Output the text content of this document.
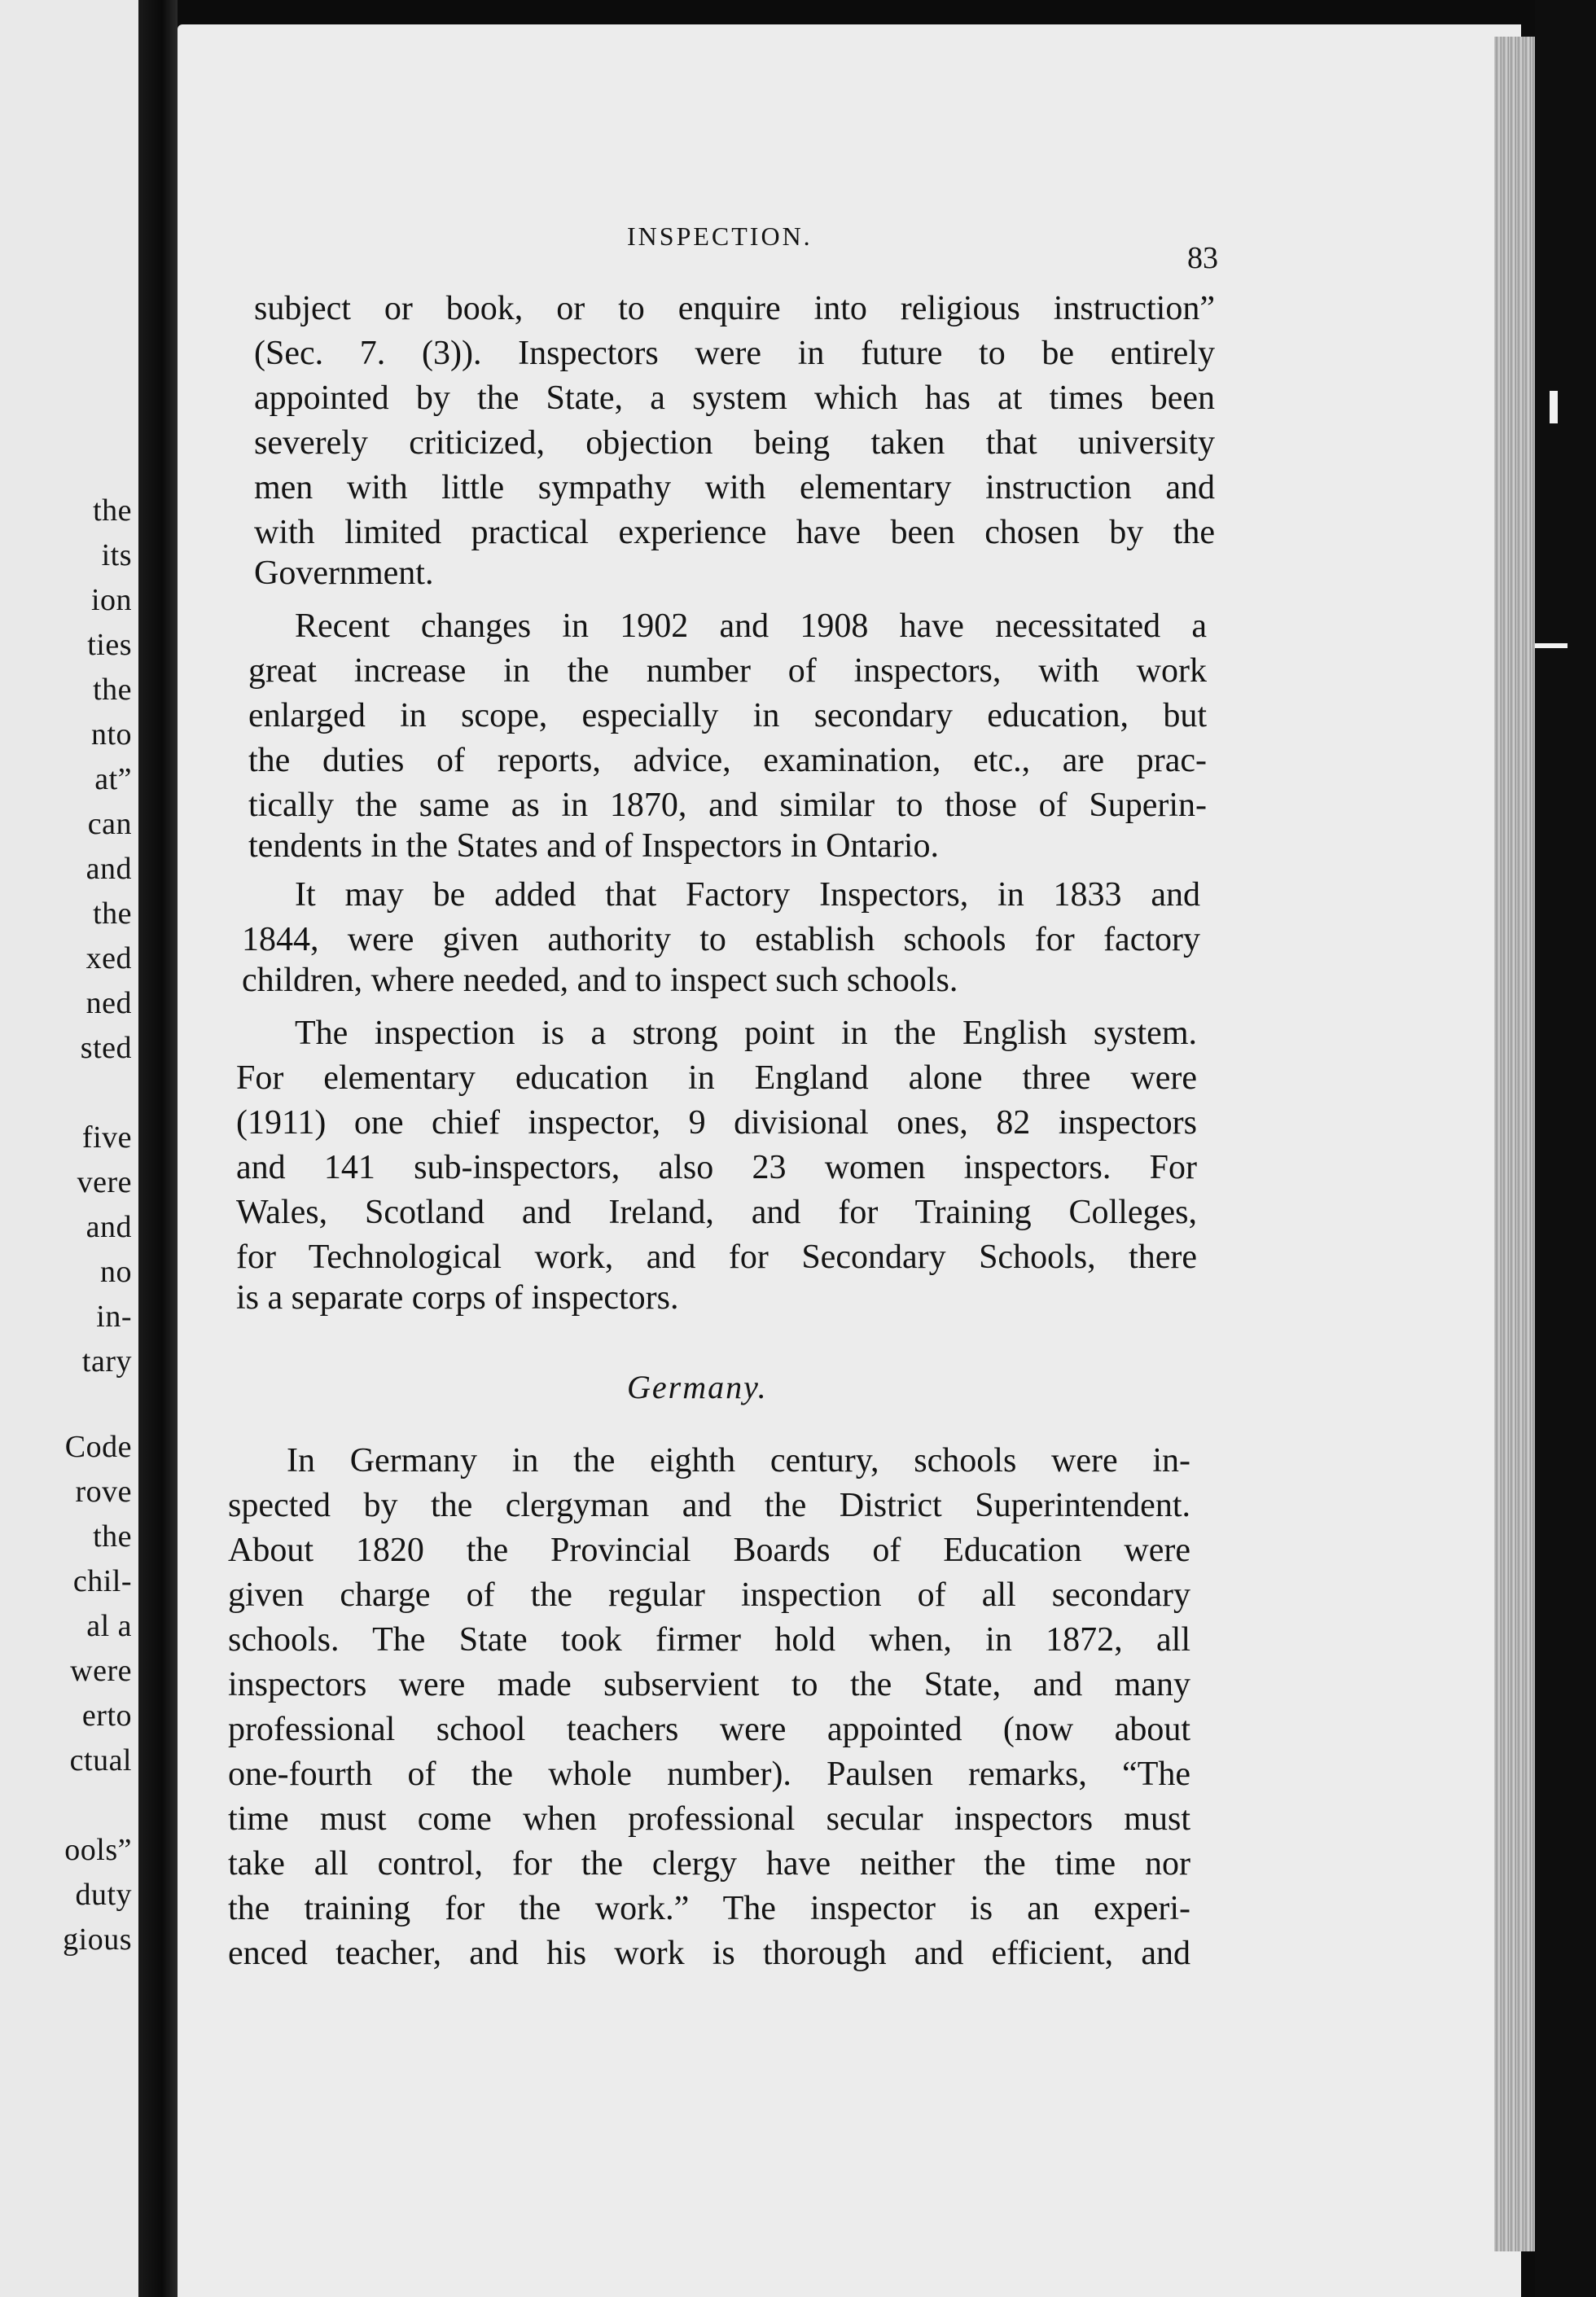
the
its
ion
ties
the
nto
at”
can
and
the
xed
ned
sted
five
vere
and
no
in-
tary
Code
rove
the
chil-
al a
were
erto
ctual
ools”
duty
gious
INSPECTION.
83
subject or book, or to enquire into religious instruction”
(Sec. 7. (3)). Inspectors were in future to be entirely
appointed by the State, a system which has at times been
severely criticized, objection being taken that university
men with little sympathy with elementary instruction and
with limited practical experience have been chosen by the
Government.
Recent changes in 1902 and 1908 have necessitated a
great increase in the number of inspectors, with work
enlarged in scope, especially in secondary education, but
the duties of reports, advice, examination, etc., are prac-
tically the same as in 1870, and similar to those of Superin-
tendents in the States and of Inspectors in Ontario.
It may be added that Factory Inspectors, in 1833 and
1844, were given authority to establish schools for factory
children, where needed, and to inspect such schools.
The inspection is a strong point in the English system.
For elementary education in England alone three were
(1911) one chief inspector, 9 divisional ones, 82 inspectors
and 141 sub-inspectors, also 23 women inspectors. For
Wales, Scotland and Ireland, and for Training Colleges,
for Technological work, and for Secondary Schools, there
is a separate corps of inspectors.
Germany.
In Germany in the eighth century, schools were in-
spected by the clergyman and the District Superintendent.
About 1820 the Provincial Boards of Education were
given charge of the regular inspection of all secondary
schools. The State took firmer hold when, in 1872, all
inspectors were made subservient to the State, and many
professional school teachers were appointed (now about
one-fourth of the whole number). Paulsen remarks, “The
time must come when professional secular inspectors must
take all control, for the clergy have neither the time nor
the training for the work.” The inspector is an experi-
enced teacher, and his work is thorough and efficient, and
